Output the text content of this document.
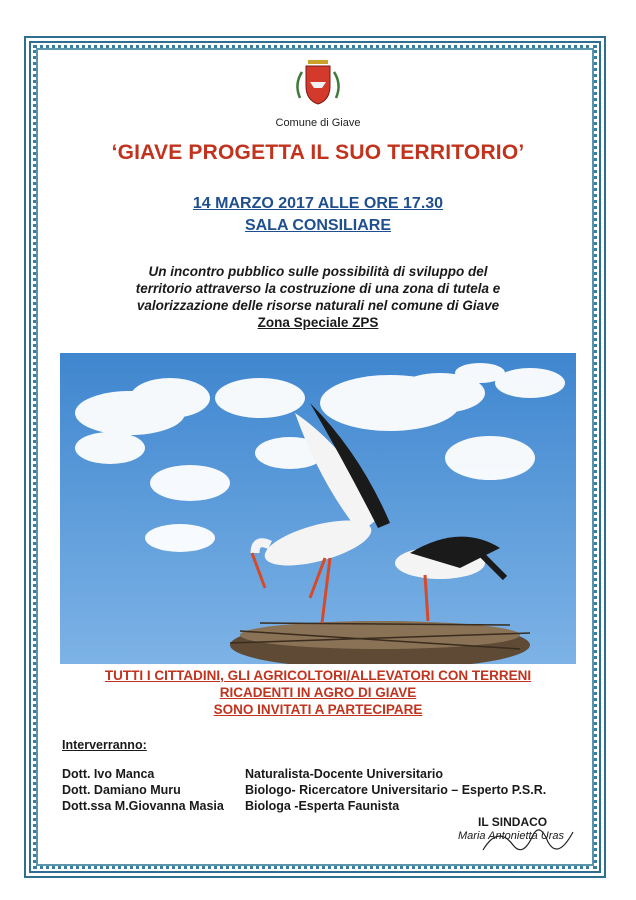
Comune di Giave
‘GIAVE PROGETTA IL SUO TERRITORIO’
14 MARZO 2017 ALLE ORE 17.30
SALA CONSILIARE
Un incontro pubblico sulle possibilità di sviluppo del
territorio attraverso la costruzione di una zona di tutela e
valorizzazione delle risorse naturali nel comune di Giave
Zona Speciale ZPS
TUTTI I CITTADINI, GLI AGRICOLTORI/ALLEVATORI CON TERRENI
RICADENTI IN AGRO DI GIAVE
SONO INVITATI A PARTECIPARE
Interverranno:
Dott. Ivo Manca	Naturalista-Docente Universitario
Dott. Damiano Muru	Biologo- Ricercatore Universitario – Esperto P.S.R.
Dott.ssa M.Giovanna Masia Biologa -Esperta Faunista
IL SINDACO
Maria Antonietta Uras
